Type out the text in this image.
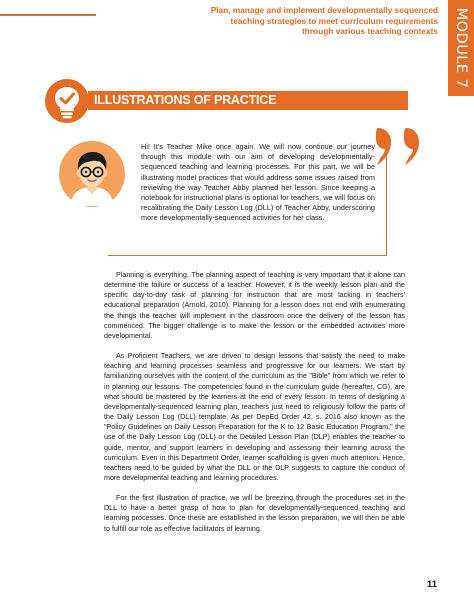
Plan, manage and implement developmentally sequenced
teaching strategies to meet curriculum requirements
through various teaching contexts MODULE 7
ILLUSTRATIONS OF PRACTICE
Hi! It's Teacher Mike once again. We will now continue our journey through this module with our aim of developing developmentally-sequenced teaching and learning processes. For this part, we will be illustrating model practices that would address some issues raised from reviewing the way Teacher Abby planned her lesson. Since keeping a notebook for instructional plans is optional for teachers, we will focus on recalibrating the Daily Lesson Log (DLL) of Teacher Abby, underscoring more developmentally-sequenced activities for her class.

Planning is everything. The planning aspect of teaching is very important that it alone can determine the failure or success of a teacher. However, it is the weekly lesson plan and the specific day-to-day task of planning for instruction that are most lacking in teachers' educational preparation (Arnold, 2010). Planning for a lesson does not end with enumerating the things the teacher will implement in the classroom once the delivery of the lesson has commenced. The bigger challenge is to make the lesson or the embedded activities more developmental.

As Proficient Teachers, we are driven to design lessons that satisfy the need to make teaching and learning processes seamless and progressive for our learners. We start by familiarizing ourselves with the content of the curriculum as the "Bible" from which we refer to in planning our lessons. The competencies found in the curriculum guide (hereafter, CG), are what should be mastered by the learners at the end of every lesson. In terms of designing a developmentally-sequenced learning plan, teachers just need to religiously follow the parts of the Daily Lesson Log (DLL) template. As per DepEd Order 42, s. 2016 also known as the "Policy Guidelines on Daily Lesson Preparation for the K to 12 Basic Education Program," the use of the Daily Lesson Log (DLL) or the Detailed Lesson Plan (DLP) enables the teacher to guide, mentor, and support learners in developing and assessing their learning across the curriculum. Even in this Department Order, learner scaffolding is given much attention. Hence, teachers need to be guided by what the DLL or the DLP suggests to capture the conduct of more developmental teaching and learning procedures.

For the first illustration of practice, we will be breezing through the procedures set in the DLL to have a better grasp of how to plan for developmentally-sequenced teaching and learning processes. Once these are established in the lesson preparation, we will then be able to fulfill our role as effective facilitators of learning.

11
